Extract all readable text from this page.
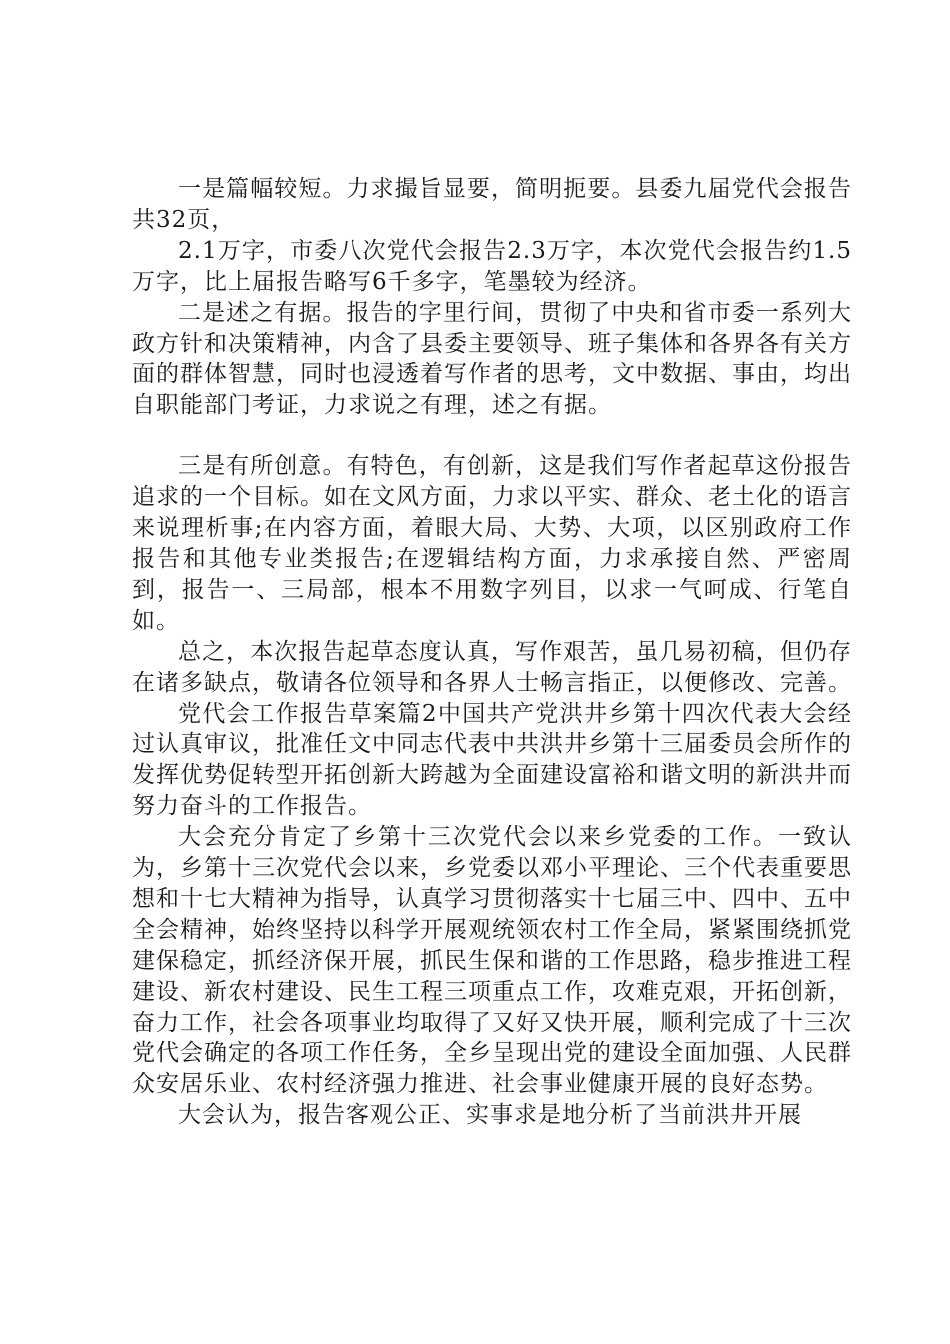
一是篇幅较短。力求撮旨显要，简明扼要。县委九届党代会报告共32页，

2.1万字，市委八次党代会报告2.3万字，本次党代会报告约1.5万字，比上届报告略写6千多字，笔墨较为经济。

二是述之有据。报告的字里行间，贯彻了中央和省市委一系列大政方针和决策精神，内含了县委主要领导、班子集体和各界各有关方面的群体智慧，同时也浸透着写作者的思考，文中数据、事由，均出自职能部门考证，力求说之有理，述之有据。

三是有所创意。有特色，有创新，这是我们写作者起草这份报告追求的一个目标。如在文风方面，力求以平实、群众、老土化的语言来说理析事;在内容方面，着眼大局、大势、大项，以区别政府工作报告和其他专业类报告;在逻辑结构方面，力求承接自然、严密周到，报告一、三局部，根本不用数字列目，以求一气呵成、行笔自如。

总之，本次报告起草态度认真，写作艰苦，虽几易初稿，但仍存在诸多缺点，敬请各位领导和各界人士畅言指正，以便修改、完善。

党代会工作报告草案篇2中国共产党洪井乡第十四次代表大会经过认真审议，批准任文中同志代表中共洪井乡第十三届委员会所作的发挥优势促转型开拓创新大跨越为全面建设富裕和谐文明的新洪井而努力奋斗的工作报告。

大会充分肯定了乡第十三次党代会以来乡党委的工作。一致认为，乡第十三次党代会以来，乡党委以邓小平理论、三个代表重要思想和十七大精神为指导，认真学习贯彻落实十七届三中、四中、五中全会精神，始终坚持以科学开展观统领农村工作全局，紧紧围绕抓党建保稳定，抓经济保开展，抓民生保和谐的工作思路，稳步推进工程建设、新农村建设、民生工程三项重点工作，攻难克艰，开拓创新，奋力工作，社会各项事业均取得了又好又快开展，顺利完成了十三次党代会确定的各项工作任务，全乡呈现出党的建设全面加强、人民群众安居乐业、农村经济强力推进、社会事业健康开展的良好态势。

大会认为，报告客观公正、实事求是地分析了当前洪井开展
